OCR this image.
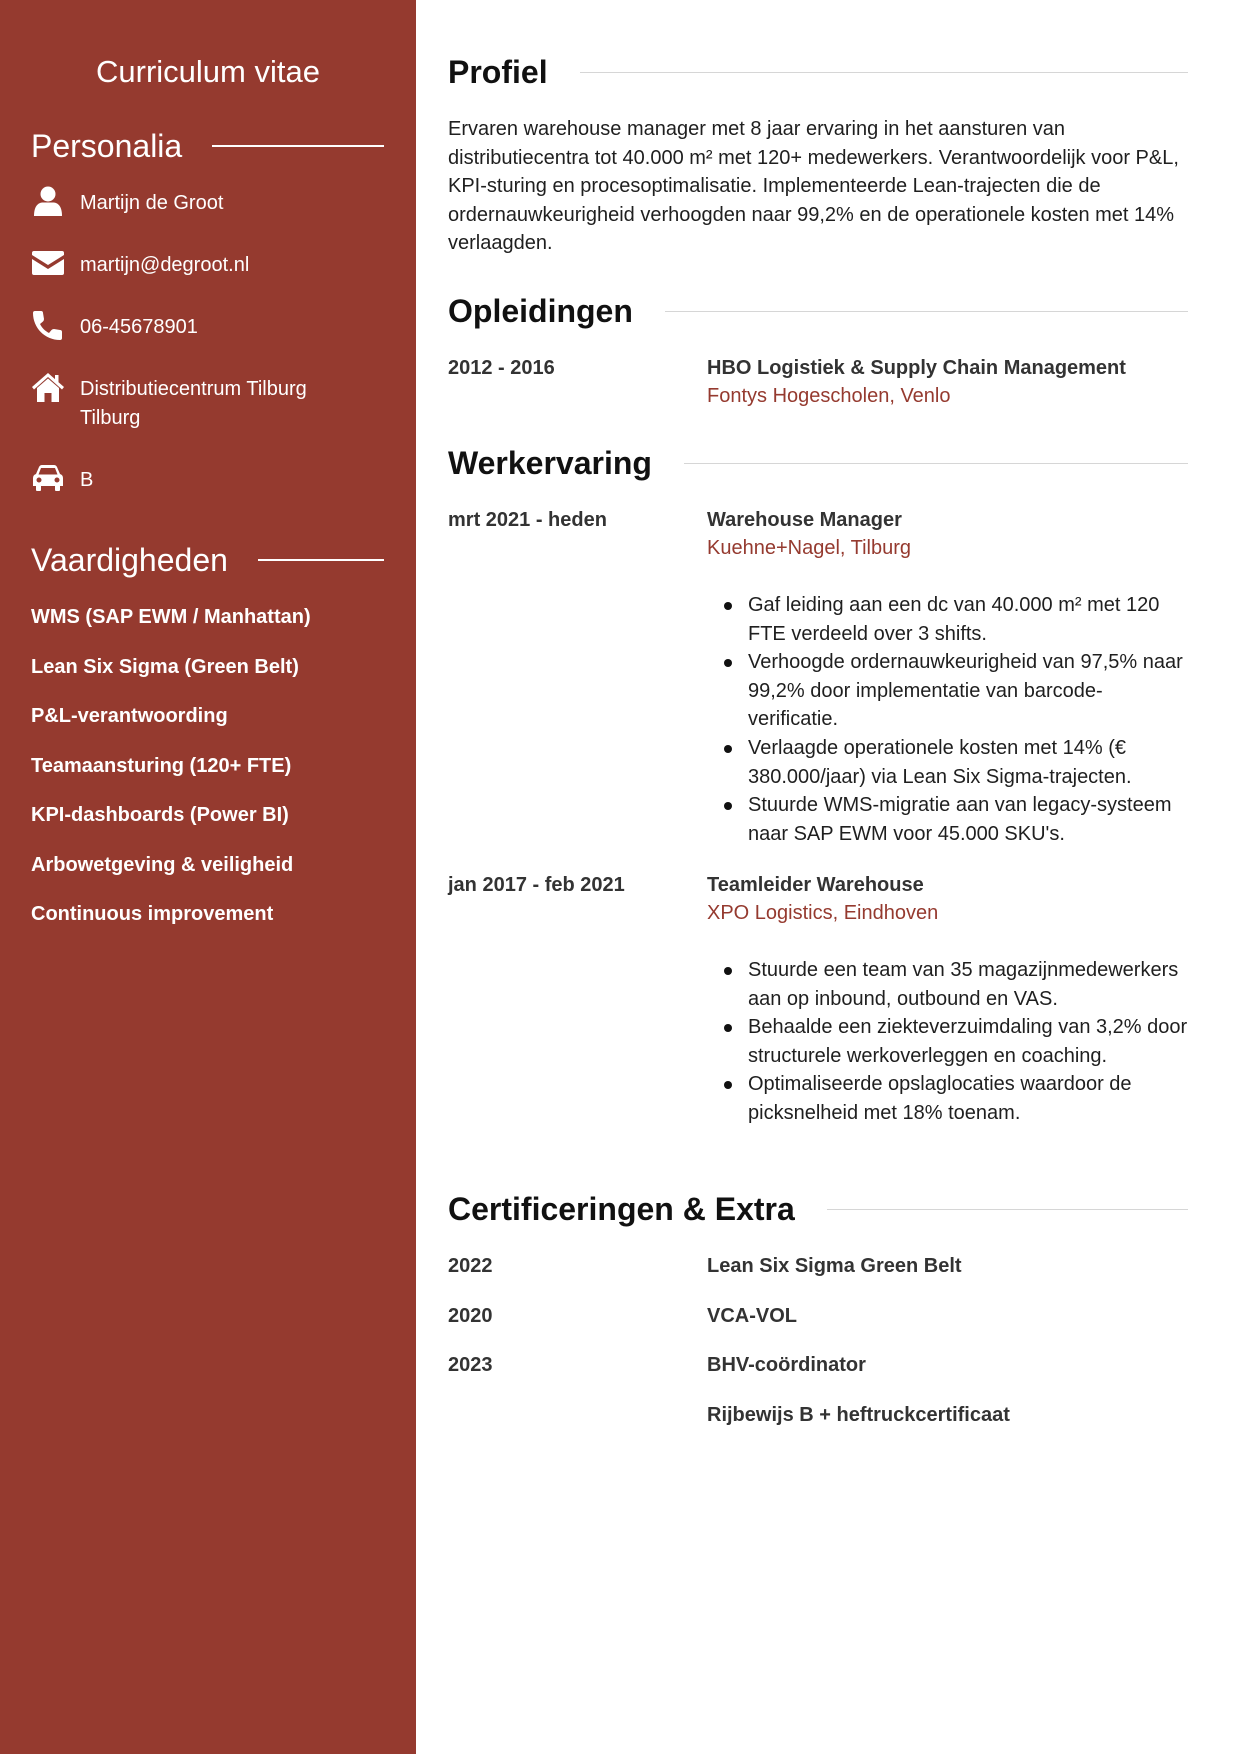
Curriculum vitae
Personalia
Martijn de Groot
martijn@degroot.nl
06-45678901
Distributiecentrum Tilburg
Tilburg
B
Vaardigheden
WMS (SAP EWM / Manhattan)
Lean Six Sigma (Green Belt)
P&L-verantwoording
Teamaansturing (120+ FTE)
KPI-dashboards (Power BI)
Arbowetgeving & veiligheid
Continuous improvement
Profiel
Ervaren warehouse manager met 8 jaar ervaring in het aansturen van distributiecentra tot 40.000 m² met 120+ medewerkers. Verantwoordelijk voor P&L, KPI-sturing en procesoptimalisatie. Implementeerde Lean-trajecten die de ordernauwkeurigheid verhoogden naar 99,2% en de operationele kosten met 14% verlaagden.
Opleidingen
2012 - 2016	HBO Logistiek & Supply Chain Management
Fontys Hogescholen, Venlo
Werkervaring
mrt 2021 - heden	Warehouse Manager
Kuehne+Nagel, Tilburg
Gaf leiding aan een dc van 40.000 m² met 120 FTE verdeeld over 3 shifts.
Verhoogde ordernauwkeurigheid van 97,5% naar 99,2% door implementatie van barcode-verificatie.
Verlaagde operationele kosten met 14% (€ 380.000/jaar) via Lean Six Sigma-trajecten.
Stuurde WMS-migratie aan van legacy-systeem naar SAP EWM voor 45.000 SKU's.
jan 2017 - feb 2021	Teamleider Warehouse
XPO Logistics, Eindhoven
Stuurde een team van 35 magazijnmedewerkers aan op inbound, outbound en VAS.
Behaalde een ziekteverzuimdaling van 3,2% door structurele werkoverleggen en coaching.
Optimaliseerde opslaglocaties waardoor de picksnelheid met 18% toenam.
Certificeringen & Extra
2022	Lean Six Sigma Green Belt
2020	VCA-VOL
2023	BHV-coördinator
Rijbewijs B + heftruckcertificaat
